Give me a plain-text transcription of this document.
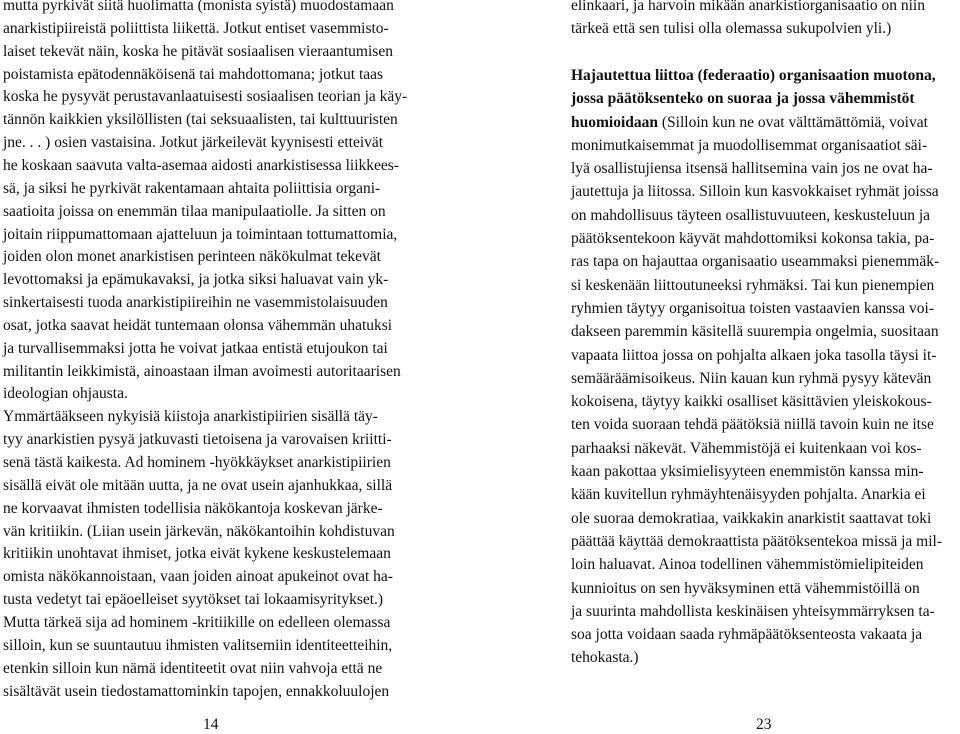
mutta pyrkivät siitä huolimatta (monista syistä) muodostamaan
anarkistipiireistä poliittista liikettä. Jotkut entiset vasemmisto-
laiset tekevät näin, koska he pitävät sosiaalisen vieraantumisen
poistamista epätodennäköisenä tai mahdottomana; jotkut taas
koska he pysyvät perustavanlaatuisesti sosiaalisen teorian ja käy-
tännön kaikkien yksilöllisten (tai seksuaalisten, tai kulttuuristen
jne. . . ) osien vastaisina. Jotkut järkeilevät kyynisesti etteivät
he koskaan saavuta valta-asemaa aidosti anarkistisessa liikkees-
sä, ja siksi he pyrkivät rakentamaan ahtaita poliittisia organi-
saatioita joissa on enemmän tilaa manipulaatiolle. Ja sitten on
joitain riippumattomaan ajatteluun ja toimintaan tottumattomia,
joiden olon monet anarkistisen perinteen näkökulmat tekevät
levottomaksi ja epämukavaksi, ja jotka siksi haluavat vain yk-
sinkertaisesti tuoda anarkistipiireihin ne vasemmistolaisuuden
osat, jotka saavat heidät tuntemaan olonsa vähemmän uhatuksi
ja turvallisemmaksi jotta he voivat jatkaa entistä etujoukon tai
militantin leikkimistä, ainoastaan ilman avoimesti autoritaarisen
ideologian ohjausta.
Ymmärtääkseen nykyisiä kiistoja anarkistipiirien sisällä täy-
tyy anarkistien pysyä jatkuvasti tietoisena ja varovaisen kriitti-
senä tästä kaikesta. Ad hominem -hyökkäykset anarkistipiirien
sisällä eivät ole mitään uutta, ja ne ovat usein ajanhukkaa, sillä
ne korvaavat ihmisten todellisia näkökantoja koskevan järke-
vän kritiikin. (Liian usein järkevän, näkökantoihin kohdistuvan
kritiikin unohtavat ihmiset, jotka eivät kykene keskustelemaan
omista näkökannoistaan, vaan joiden ainoat apukeinot ovat ha-
tusta vedetyt tai epäoelleiset syytökset tai lokaamisyritykset.)
Mutta tärkeä sija ad hominem -kritiikille on edelleen olemassa
silloin, kun se suuntautuu ihmisten valitsemiin identiteetteihin,
etenkin silloin kun nämä identiteetit ovat niin vahvoja että ne
sisältävät usein tiedostamattominkin tapojen, ennakkoluulojen
elinkaari, ja harvoin mikään anarkistiorganisaatio on niin
tärkeä että sen tulisi olla olemassa sukupolvien yli.)
Hajautettua liittoa (federaatio) organisaation muotona,
jossa päätöksenteko on suoraa ja jossa vähemmistöt
huomioidaan (Silloin kun ne ovat välttämättömiä, voivat
monimutkaisemmat ja muodollisemmat organisaatiot säi-
lyä osallistujiensa itsensä hallitsemina vain jos ne ovat ha-
jautettuja ja liitossa. Silloin kun kasvokkaiset ryhmät joissa
on mahdollisuus täyteen osallistuvuuteen, keskusteluun ja
päätöksentekoon käyvät mahdottomiksi kokonsa takia, pa-
ras tapa on hajauttaa organisaatio useammaksi pienemmäk-
si keskenään liittoutuneeksi ryhmäksi. Tai kun pienempien
ryhmien täytyy organisoitua toisten vastaavien kanssa voi-
dakseen paremmin käsitellä suurempia ongelmia, suositaan
vapaata liittoa jossa on pohjalta alkaen joka tasolla täysi it-
semääräämisoikeus. Niin kauan kun ryhmä pysyy kätevän
kokoisena, täytyy kaikki osalliset käsittävien yleiskokous-
ten voida suoraan tehdä päätöksiä niillä tavoin kuin ne itse
parhaaksi näkevät. Vähemmistöjä ei kuitenkaan voi kos-
kaan pakottaa yksimielisyyteen enemmistön kanssa min-
kään kuvitellun ryhmäyhtenäisyyden pohjalta. Anarkia ei
ole suoraa demokratiaa, vaikkakin anarkistit saattavat toki
päättää käyttää demokraattista päätöksentekoa missä ja mil-
loin haluavat. Ainoa todellinen vähemmistömielipiteiden
kunnioitus on sen hyväksyminen että vähemmistöillä on
ja suurinta mahdollista keskinäisen yhteisymmärryksen ta-
soa jotta voidaan saada ryhmäpäätöksenteosta vakaata ja
tehokasta.)
14	23
